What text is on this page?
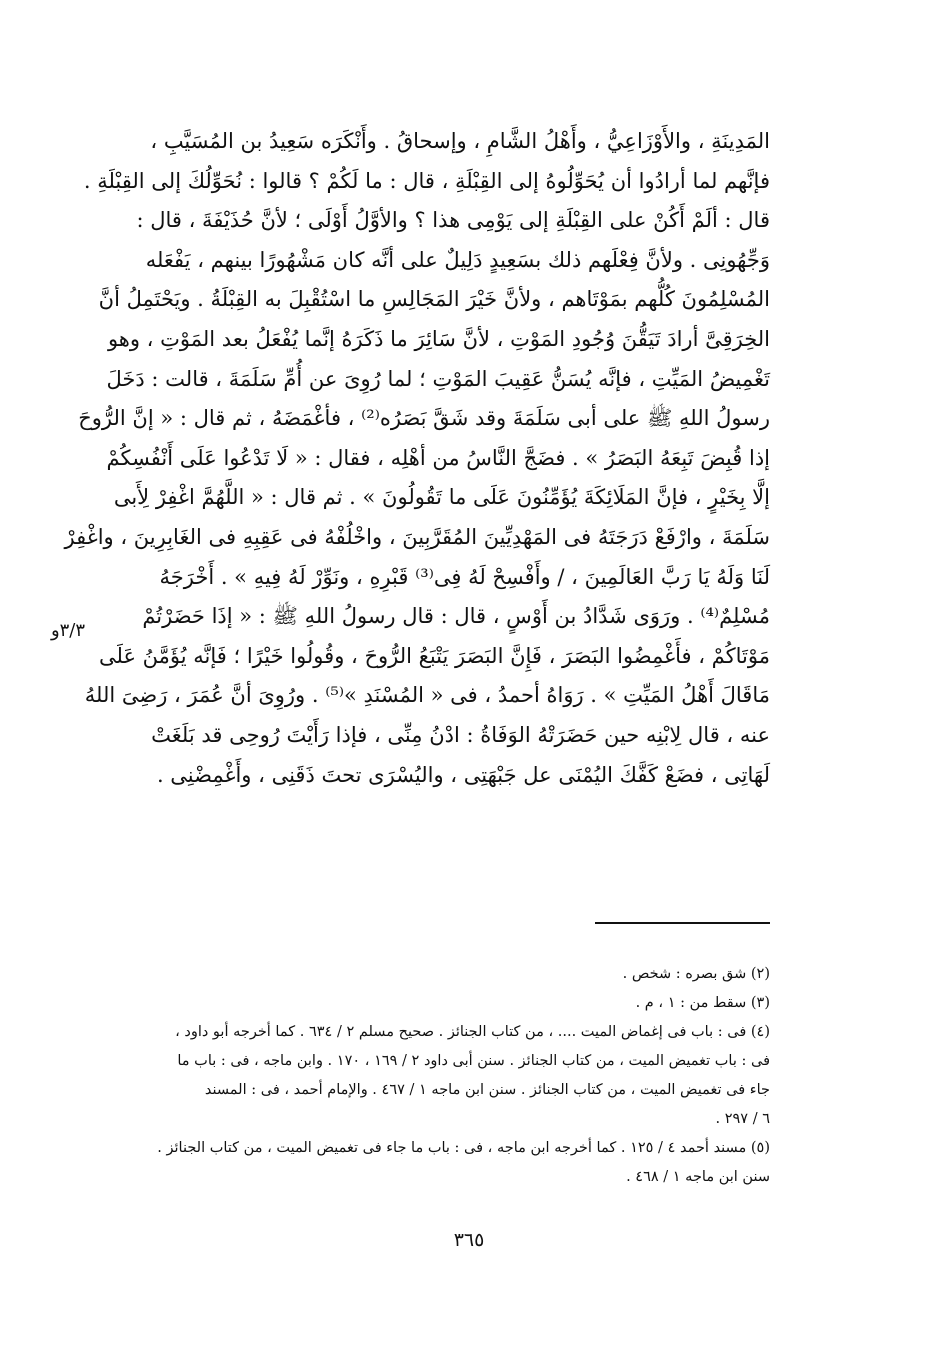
المَدِينَةِ ، والأَوْزَاعِيُّ ، وأَهْلُ الشَّامِ ، وإسحاقُ . وأَنْكَرَه سَعِيدُ بن المُسَيَّبِ ،
فإنَّهم لما أرادُوا أن يُحَوِّلُوهُ إلى القِبْلَةِ ، قال : ما لَكُمْ ؟ قالوا : نُحَوِّلُكَ إلى القِبْلَةِ .
قال : ألَمْ أَكُنْ على القِبْلَةِ إلى يَوْمِى هذا ؟ والأوَّلُ أَوْلَى ؛ لأنَّ حُذَيْفَةَ ، قال :
وَجِّهُونِى . ولأنَّ فِعْلَهم ذلك بسَعِيدٍ دَلِيلٌ على أنَّه كان مَشْهُورًا بينهم ، يَفْعَله
المُسْلِمُونَ كُلُّهم بمَوْتَاهم ، ولأنَّ خَيْرَ المَجَالِسِ ما اسْتُقْبِلَ به القِبْلَةُ . ويَحْتَمِلُ أنَّ
الخِرَقِىَّ أرادَ تَيَقُّنَ وُجُودِ المَوْتِ ، لأنَّ سَائِرَ ما ذَكَرَهُ إنَّما يُفْعَلُ بعد المَوْتِ ، وهو
تَغْمِيضُ المَيِّتِ ، فإنَّه يُسَنُّ عَقِيبَ المَوْتِ ؛ لما رُوِىَ عن أُمِّ سَلَمَةَ ، قالت : دَخَلَ
رسولُ اللهِ ﷺ على أبى سَلَمَةَ وقد شَقَّ بَصَرُه⁽²⁾ ، فأغْمَضَهُ ، ثم قال : « إنَّ الرُّوحَ
إذا قُبِضَ تَبِعَهُ البَصَرُ » . فضَجَّ النَّاسُ من أهْلِه ، فقال : « لَا تَدْعُوا عَلَى أَنْفُسِكُمْ
إلَّا بِخَيْرٍ ، فإنَّ المَلَائِكَةَ يُؤَمِّنُونَ عَلَى ما تَقُولُونَ » . ثم قال : « اللَّهُمَّ اغْفِرْ لِأَبى
سَلَمَةَ ، وارْفَعْ دَرَجَتَهُ فى المَهْدِيِّينَ المُقَرَّبِينَ ، واخْلُفْهُ فى عَقِبِهِ فى الغَابِرِينَ ، واغْفِرْ
لَنَا وَلَهُ يَا رَبَّ العَالَمِينَ ، / وأَفْسِحْ لَهُ فِى⁽³⁾ قَبْرِهِ ، ونَوِّرْ لَهُ فِيهِ » . أَخْرَجَهُ
مُسْلِمٌ⁽⁴⁾ . ورَوَى شَدَّادُ بن أَوْسٍ ، قال : قال رسولُ اللهِ ﷺ : « إذَا حَضَرْتُمْ
مَوْتَاكُمْ ، فأَغْمِضُوا البَصَرَ ، فَإِنَّ البَصَرَ يَتْبَعُ الرُّوحَ ، وقُولُوا خَيْرًا ؛ فَإنَّه يُؤَمَّنُ عَلَى
مَاقَالَ أَهْلُ المَيِّتِ » . رَوَاهُ أحمدُ ، فى « المُسْنَدِ »⁽⁵⁾ . ورُوِىَ أنَّ عُمَرَ ، رَضِىَ اللهُ
عنه ، قال لِابْنِه حين حَضَرَتْهُ الوَفَاةُ : ادْنُ مِنِّى ، فإذا رَأَيْتَ رُوحِى قد بَلَغَتْ
لَهَاتِى ، فضَعْ كَفَّكَ اليُمْنَى عل جَبْهَتِى ، واليُسْرَى تحتَ ذَقَنِى ، وأَغْمِضْنِى .
٣/٣و
(٢) شق بصره : شخص .
(٣) سقط من : ١ ، م .
(٤) فى : باب فى إغماض الميت .... ، من كتاب الجنائز . صحيح مسلم ٢ / ٦٣٤ . كما أخرجه أبو داود ،
فى : باب تغميض الميت ، من كتاب الجنائز . سنن أبى داود ٢ / ١٦٩ ، ١٧٠ . وابن ماجه ، فى : باب ما
جاء فى تغميض الميت ، من كتاب الجنائز . سنن ابن ماجه ١ / ٤٦٧ . والإمام أحمد ، فى : المسند
٦ / ٢٩٧ .
(٥) مسند أحمد ٤ / ١٢٥ . كما أخرجه ابن ماجه ، فى : باب ما جاء فى تغميض الميت ، من كتاب الجنائز .
سنن ابن ماجه ١ / ٤٦٨ .
٣٦٥
